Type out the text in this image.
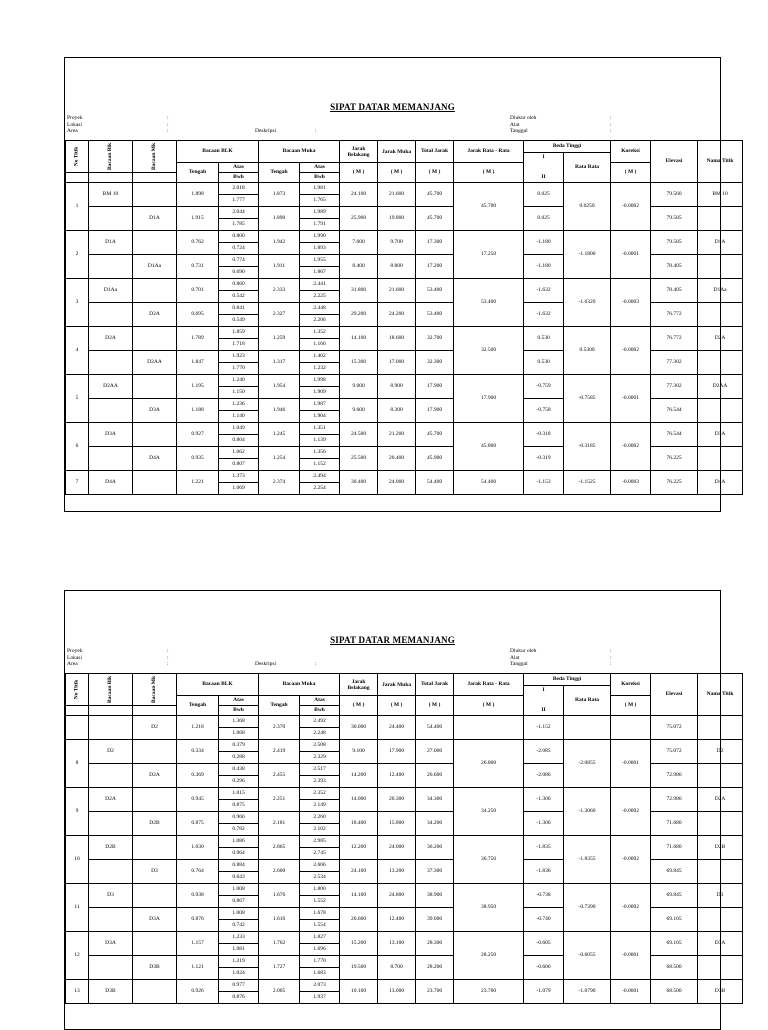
SIPAT DATAR MEMANJANG
Proyek	:
Lokasi	:
Area	:	Deskripsi	:
Diukur oleh	:
Alat	:
Tanggal	:
No Titik	Bacaan Blk	Bacaan Mk	Bacaan BLK		Bacaan Muka		Jarak Belakang	Jarak Muka	Total Jarak	Jarak Rata - Rata	Beda Tinggi		Koreksi	Elevasi	Nama Titik
											I	Rata Rata			
			Tengah	Atas	Tengah	Atas	( M )	( M )	( M )	( M )			( M )		
				Bwh		Bwh					II				
1	BM 10		1.898	2.018	1.873	1.981	24.100	21.600	45.700	45.700	0.025	0.0250	-0.0002	79.560	BM 10
				1.777		1.765									
		D1A	1.915	2.044	1.890	1.989	25.900	19.800	45.700		0.025			79.585	
				1.785		1.791									
2	D1A		0.762	0.800	1.942	1.990	7.600	9.700	17.300	17.250	-1.180	-1.1800	-0.0001	79.585	D1A
				0.724		1.893									
		D1Aa	0.731	0.774	1.911	1.955	8.400	8.800	17.200		-1.180			78.405	
				0.690		1.867									
3	D1Aa		0.701	0.860	2.333	2.441	31.800	21.600	53.400	53.400	-1.632	-1.6320	-0.0003	78.405	D1Aa
				0.542		2.225									
		D2A	0.695	0.841	2.327	2.448	29.200	24.200	53.400		-1.632			76.772	
				0.549		2.206									
4	D2A		1.789	1.859	1.259	1.352	14.100	18.600	32.700	32.500	0.530	0.5300	-0.0002	76.772	D2A
				1.718		1.166									
		D2AA	1.847	1.923	1.317	1.402	15.300	17.000	32.300		0.530			77.302	
				1.770		1.232									
5	D2AA		1.195	1.240	1.954	1.998	9.000	8.900	17.900	17.900	-0.759	-0.7585	-0.0001	77.302	D2AA
				1.150		1.909									
		D3A	1.188	1.236	1.946	1.987	9.600	8.300	17.900		-0.758			76.544	
				1.140		1.904									
6	D3A		0.927	1.049	1.245	1.351	24.500	21.200	45.700	45.800	-0.318	-0.3185	-0.0002	76.544	D3A
				0.804		1.139									
		D4A	0.935	1.062	1.254	1.356	25.500	20.400	45.900		-0.319			76.225	
				0.807		1.152									
7	D4A		1.221	1.373	2.374	2.494	30.400	24.000	54.400	54.400	-1.153	-1.1525	-0.0003	76.225	D4A
				1.069		2.254									
SIPAT DATAR MEMANJANG
Proyek	:
Lokasi	:
Area	:	Deskripsi	:
Diukur oleh	:
Alat	:
Tanggal	:
No Titik	Bacaan Blk	Bacaan Mk	Bacaan BLK		Bacaan Muka		Jarak Belakang	Jarak Muka	Total Jarak	Jarak Rata - Rata	Beda Tinggi		Koreksi	Elevasi	Nama Titik
											I	Rata Rata			
			Tengah	Atas	Tengah	Atas	( M )	( M )	( M )	( M )			( M )		
				Bwh		Bwh					II				
		D2	1.218	1.368	2.370	2.492	30.000	24.400	54.400		-1.152			75.072	
				1.068		2.248									
8	D2		0.334	0.379	2.419	2.508	9.100	17.900	27.000	26.800	-2.085	-2.0855	-0.0001	75.072	D2
				0.288		2.329									
		D2A	0.369	0.438	2.455	2.517	14.200	12.400	26.600		-2.086			72.986	
				0.296		2.393									
9	D2A		0.945	1.015	2.251	2.352	14.000	20.300	34.300	34.250	-1.306	-1.3060	-0.0002	72.986	D2A
				0.875		2.149									
		D2B	0.875	0.966	2.181	2.260	18.400	15.800	34.200		-1.306			71.680	
				0.782		2.102									
10	D2B		1.030	1.086	2.865	2.985	12.200	24.000	36.200	36.750	-1.835	-1.8355	-0.0002	71.680	D2B
				0.964		2.745									
		D3	0.764	0.884	2.600	2.666	24.100	13.200	37.300		-1.836			69.845	
				0.643		2.534									
11	D3		0.938	1.008	1.676	1.800	14.100	24.800	38.900	38.950	-0.738	-0.7390	-0.0002	69.845	D3
				0.867		1.552									
		D3A	0.876	1.008	1.616	1.678	26.600	12.400	39.000		-0.740			69.105	
				0.742		1.554									
12	D3A		1.157	1.233	1.762	1.827	15.200	13.100	28.300	28.250	-0.605	-0.6055	-0.0001	69.105	D3A
				1.081		1.696									
		D3B	1.121	1.219	1.727	1.770	19.500	8.700	28.200		-0.606			68.500	
				1.024		1.683									
13	D3B		0.926	0.977	2.005	2.073	10.100	13.600	23.700	23.700	-1.079	-1.0790	-0.0001	68.500	D3B
				0.876		1.937									
